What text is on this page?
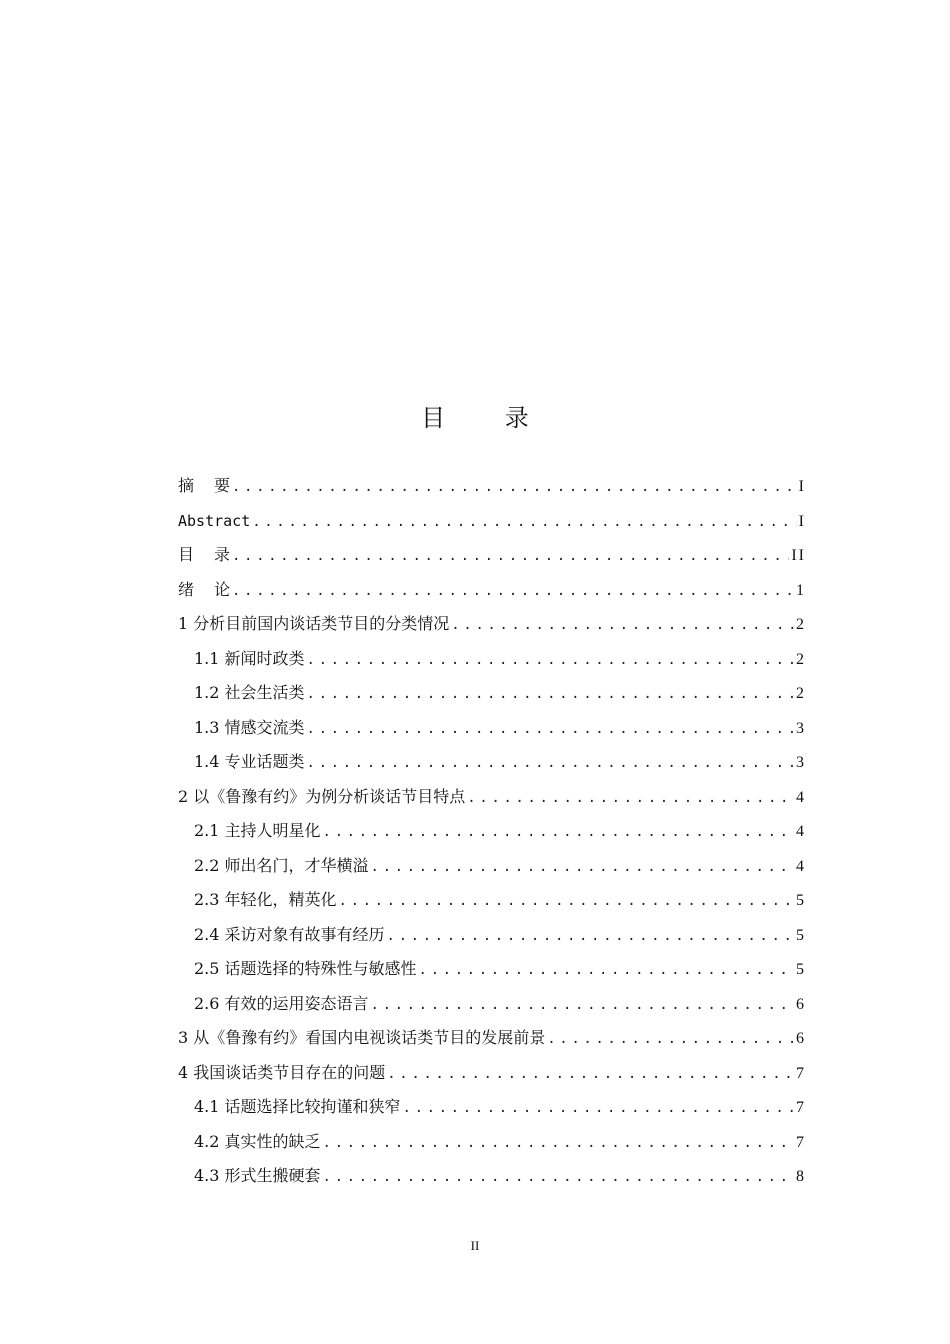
目 录
摘 要 .....	I
Abstract .....	I
目 录 .....	II
绪 论 .....	1
1 分析目前国内谈话类节目的分类情况 .....	2
1.1 新闻时政类 .....	2
1.2 社会生活类 .....	2
1.3 情感交流类 .....	3
1.4 专业话题类 .....	3
2 以《鲁豫有约》为例分析谈话节目特点 .....	4
2.1 主持人明星化 .....	4
2.2 师出名门，才华横溢 .....	4
2.3 年轻化，精英化 .....	5
2.4 采访对象有故事有经历 .....	5
2.5 话题选择的特殊性与敏感性 .....	5
2.6 有效的运用姿态语言 .....	6
3 从《鲁豫有约》看国内电视谈话类节目的发展前景 .....	6
4 我国谈话类节目存在的问题 .....	7
4.1 话题选择比较拘谨和狭窄 .....	7
4.2 真实性的缺乏 .....	7
4.3 形式生搬硬套 .....	8
II
